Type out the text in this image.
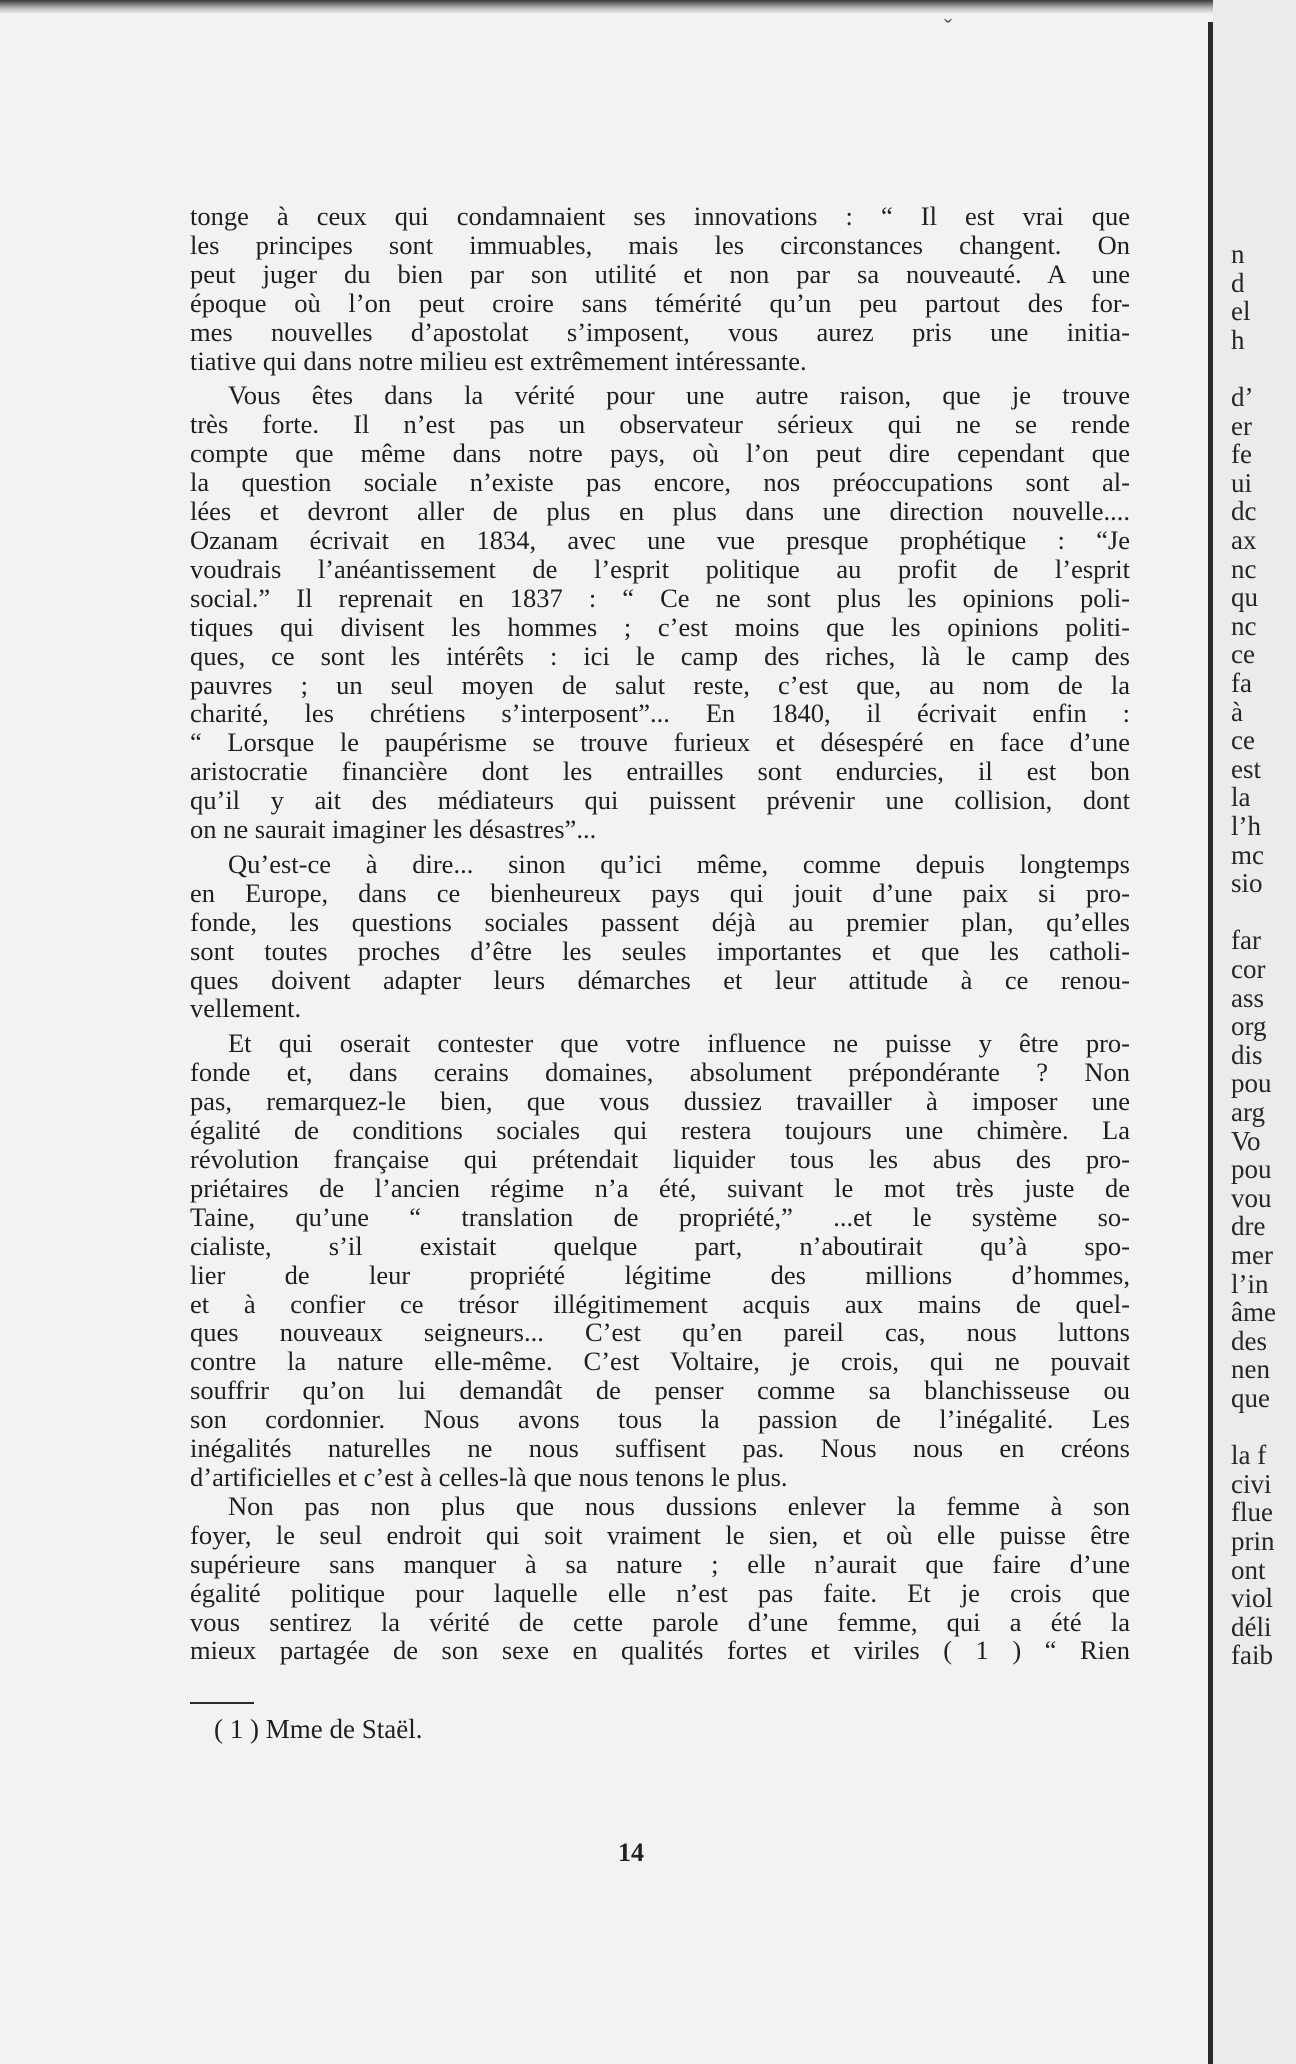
ˇ
tonge à ceux qui condamnaient ses innovations : “ Il est vrai que
les principes sont immuables, mais les circonstances changent. On
peut juger du bien par son utilité et non par sa nouveauté. A une
époque où l’on peut croire sans témérité qu’un peu partout des for-
mes nouvelles d’apostolat s’imposent, vous aurez pris une initia-
tiative qui dans notre milieu est extrêmement intéressante.
Vous êtes dans la vérité pour une autre raison, que je trouve
très forte. Il n’est pas un observateur sérieux qui ne se rende
compte que même dans notre pays, où l’on peut dire cependant que
la question sociale n’existe pas encore, nos préoccupations sont al-
lées et devront aller de plus en plus dans une direction nouvelle....
Ozanam écrivait en 1834, avec une vue presque prophétique : “Je
voudrais l’anéantissement de l’esprit politique au profit de l’esprit
social.” Il reprenait en 1837 : “ Ce ne sont plus les opinions poli-
tiques qui divisent les hommes ; c’est moins que les opinions politi-
ques, ce sont les intérêts : ici le camp des riches, là le camp des
pauvres ; un seul moyen de salut reste, c’est que, au nom de la
charité, les chrétiens s’interposent”... En 1840, il écrivait enfin :
“ Lorsque le paupérisme se trouve furieux et désespéré en face d’une
aristocratie financière dont les entrailles sont endurcies, il est bon
qu’il y ait des médiateurs qui puissent prévenir une collision, dont
on ne saurait imaginer les désastres”...
Qu’est-ce à dire... sinon qu’ici même, comme depuis longtemps
en Europe, dans ce bienheureux pays qui jouit d’une paix si pro-
fonde, les questions sociales passent déjà au premier plan, qu’elles
sont toutes proches d’être les seules importantes et que les catholi-
ques doivent adapter leurs démarches et leur attitude à ce renou-
vellement.
Et qui oserait contester que votre influence ne puisse y être pro-
fonde et, dans cerains domaines, absolument prépondérante ? Non
pas, remarquez-le bien, que vous dussiez travailler à imposer une
égalité de conditions sociales qui restera toujours une chimère. La
révolution française qui prétendait liquider tous les abus des pro-
priétaires de l’ancien régime n’a été, suivant le mot très juste de
Taine, qu’une “ translation de propriété,” ...et le système so-
cialiste, s’il existait quelque part, n’aboutirait qu’à spo-
lier de leur propriété légitime des millions d’hommes,
et à confier ce trésor illégitimement acquis aux mains de quel-
ques nouveaux seigneurs... C’est qu’en pareil cas, nous luttons
contre la nature elle-même. C’est Voltaire, je crois, qui ne pouvait
souffrir qu’on lui demandât de penser comme sa blanchisseuse ou
son cordonnier. Nous avons tous la passion de l’inégalité. Les
inégalités naturelles ne nous suffisent pas. Nous nous en créons
d’artificielles et c’est à celles-là que nous tenons le plus.
Non pas non plus que nous dussions enlever la femme à son
foyer, le seul endroit qui soit vraiment le sien, et où elle puisse être
supérieure sans manquer à sa nature ; elle n’aurait que faire d’une
égalité politique pour laquelle elle n’est pas faite. Et je crois que
vous sentirez la vérité de cette parole d’une femme, qui a été la
mieux partagée de son sexe en qualités fortes et viriles ( 1 ) “ Rien
( 1 ) Mme de Staël.
14
n
d
el
h
d’
er
fe
ui
dc
ax
nc
qu
nc
ce
fa
à
ce
est
la
l’h
mc
sio
far
cor
ass
org
dis
pou
arg
Vo
pou
vou
dre
mer
l’in
âme
des
nen
que
la f
civi
flue
prin
ont
viol
déli
faib
